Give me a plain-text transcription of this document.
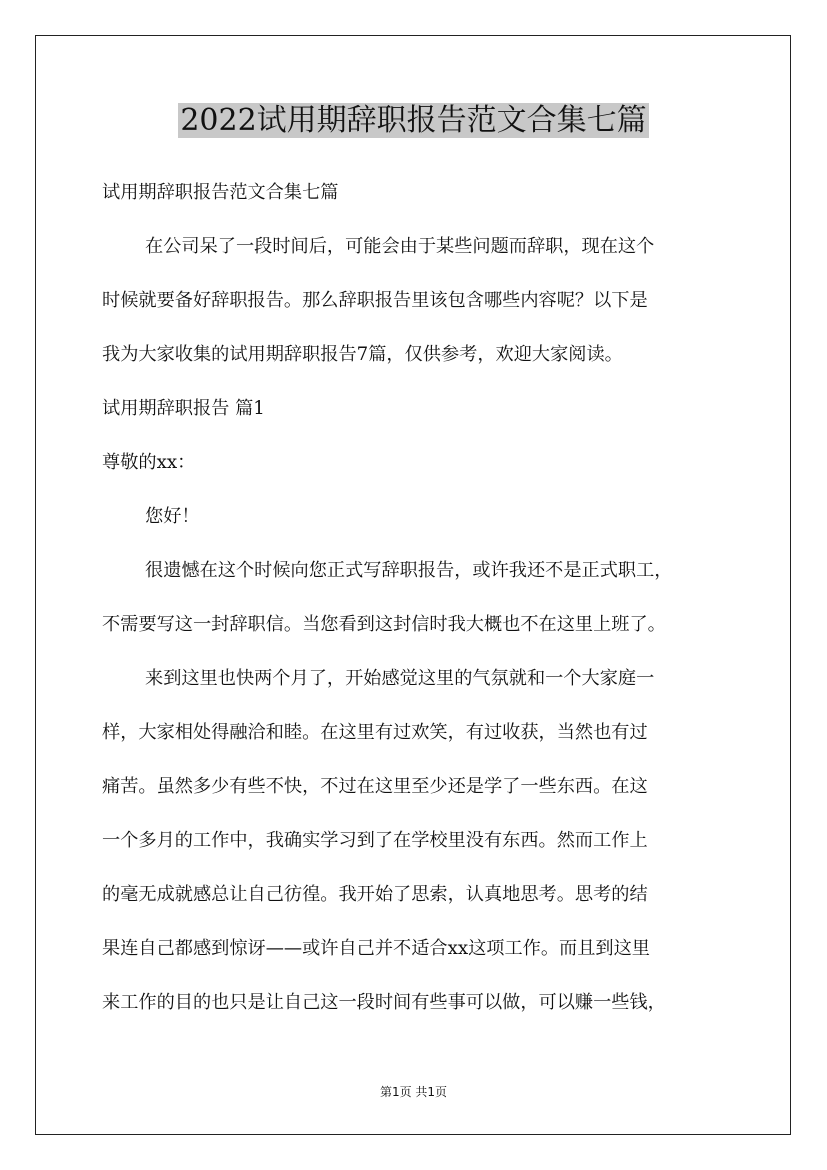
2022试用期辞职报告范文合集七篇

试用期辞职报告范文合集七篇

在公司呆了一段时间后，可能会由于某些问题而辞职，现在这个

时候就要备好辞职报告。那么辞职报告里该包含哪些内容呢？以下是

我为大家收集的试用期辞职报告7篇，仅供参考，欢迎大家阅读。

试用期辞职报告 篇1

尊敬的xx：

您好！

很遗憾在这个时候向您正式写辞职报告，或许我还不是正式职工，

不需要写这一封辞职信。当您看到这封信时我大概也不在这里上班了。

来到这里也快两个月了，开始感觉这里的气氛就和一个大家庭一

样，大家相处得融洽和睦。在这里有过欢笑，有过收获，当然也有过

痛苦。虽然多少有些不快，不过在这里至少还是学了一些东西。在这

一个多月的工作中，我确实学习到了在学校里没有东西。然而工作上

的毫无成就感总让自己彷徨。我开始了思索，认真地思考。思考的结

果连自己都感到惊讶——或许自己并不适合xx这项工作。而且到这里

来工作的目的也只是让自己这一段时间有些事可以做，可以赚一些钱，

第1页 共1页
